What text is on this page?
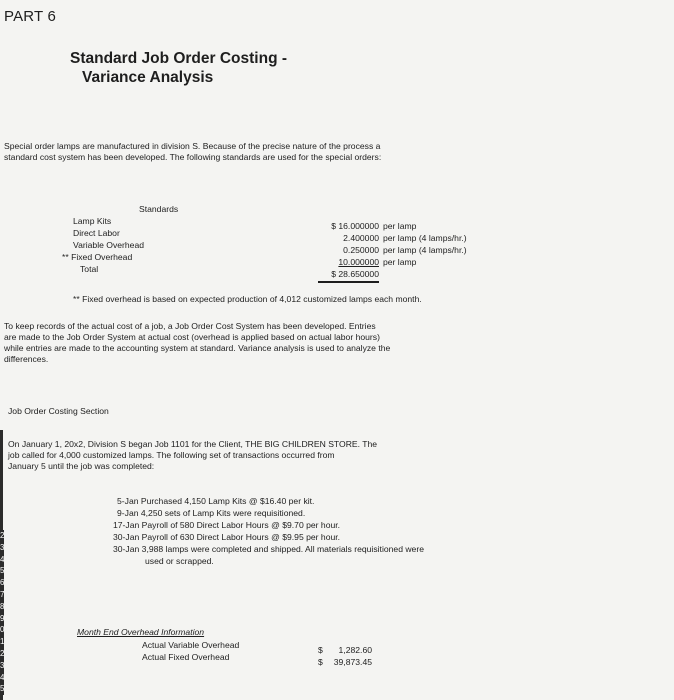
PART 6
Standard Job Order Costing -
Variance Analysis
Special order lamps are manufactured in division S. Because of the precise nature of the process a
standard cost system has been developed. The following standards are used for the special orders:
Standards
Lamp Kits
Direct Labor
Variable Overhead
** Fixed Overhead
Total
$ 16.000000
2.400000
0.250000
10.000000
$ 28.650000
per lamp
per lamp (4 lamps/hr.)
per lamp (4 lamps/hr.)
per lamp
** Fixed overhead is based on expected production of 4,012 customized lamps each month.
To keep records of the actual cost of a job, a Job Order Cost System has been developed. Entries
are made to the Job Order System at actual cost (overhead is applied based on actual labor hours)
while entries are made to the accounting system at standard. Variance analysis is used to analyze the
differences.
Job Order Costing Section
On January 1, 20x2, Division S began Job 1101 for the Client, THE BIG CHILDREN STORE. The
job called for 4,000 customized lamps. The following set of transactions occurred from
January 5 until the job was completed:
5-Jan Purchased 4,150 Lamp Kits @ $16.40 per kit.
9-Jan 4,250 sets of Lamp Kits were requisitioned.
17-Jan Payroll of 580 Direct Labor Hours @ $9.70 per hour.
30-Jan Payroll of 630 Direct Labor Hours @ $9.95 per hour.
30-Jan 3,988 lamps were completed and shipped. All materials requisitioned were
used or scrapped.
Month End Overhead Information
Actual Variable Overhead
Actual Fixed Overhead
$
$
1,282.60
39,873.45
2
3
4
5
6
7
8
9
0
1
2
3
4
5
